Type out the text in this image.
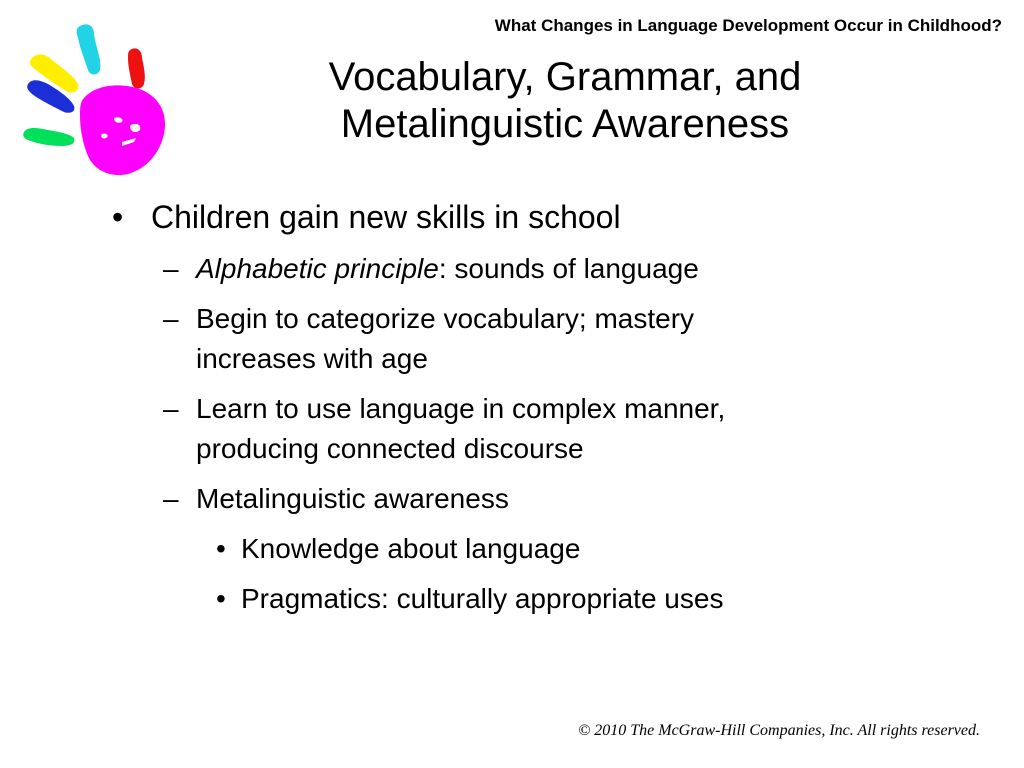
What Changes in Language Development Occur in Childhood?
Vocabulary, Grammar, and
Metalinguistic Awareness
• Children gain new skills in school
– Alphabetic principle: sounds of language
– Begin to categorize vocabulary; mastery
increases with age
– Learn to use language in complex manner,
producing connected discourse
– Metalinguistic awareness
• Knowledge about language
• Pragmatics: culturally appropriate uses
© 2010 The McGraw-Hill Companies, Inc. All rights reserved.
